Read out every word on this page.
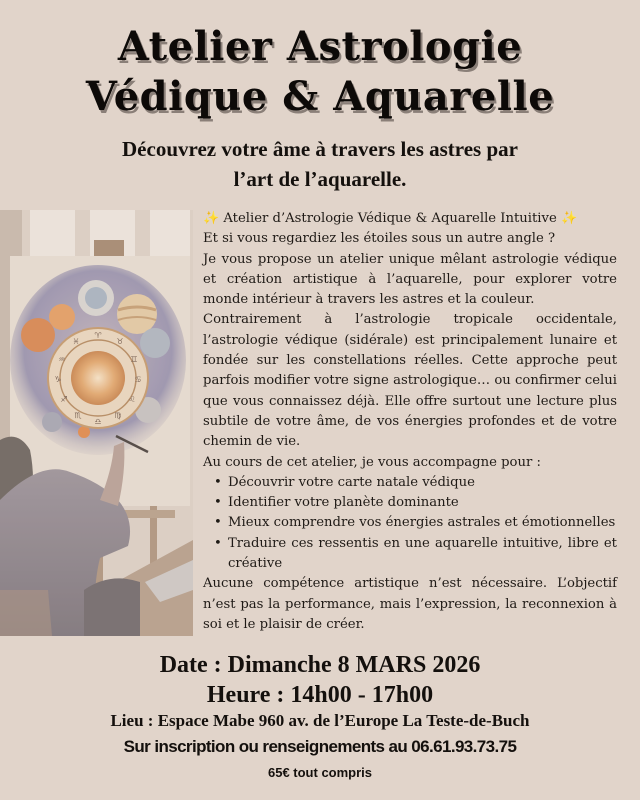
Atelier Astrologie
Védique & Aquarelle
Découvrez votre âme à travers les astres par
l’art de l’aquarelle.
♈
♉
♊
♋
♌
♍
♎
♏
♐
♑
♒
♓

✨ Atelier d’Astrologie Védique & Aquarelle Intuitive ✨

Et si vous regardiez les étoiles sous un autre angle ?

Je vous propose un atelier unique mêlant astrologie védique et création artistique à l’aquarelle, pour explorer votre monde intérieur à travers les astres et la couleur.

Contrairement à l’astrologie tropicale occidentale, l’astrologie védique (sidérale) est principalement lunaire et fondée sur les constellations réelles. Cette approche peut parfois modifier votre signe astrologique… ou confirmer celui que vous connaissez déjà. Elle offre surtout une lecture plus subtile de votre âme, de vos énergies profondes et de votre chemin de vie.

Au cours de cet atelier, je vous accompagne pour :

• Découvrir votre carte natale védique
• Identifier votre planète dominante
• Mieux comprendre vos énergies astrales et émotionnelles
• Traduire ces ressentis en une aquarelle intuitive, libre et créative

Aucune compétence artistique n’est nécessaire. L’objectif n’est pas la performance, mais l’expression, la reconnexion à soi et le plaisir de créer.

Date : Dimanche 8 MARS 2026
Heure : 14h00 - 17h00
Lieu : Espace Mabe 960 av. de l’Europe La Teste-de-Buch
Sur inscription ou renseignements au 06.61.93.73.75
65€ tout compris
